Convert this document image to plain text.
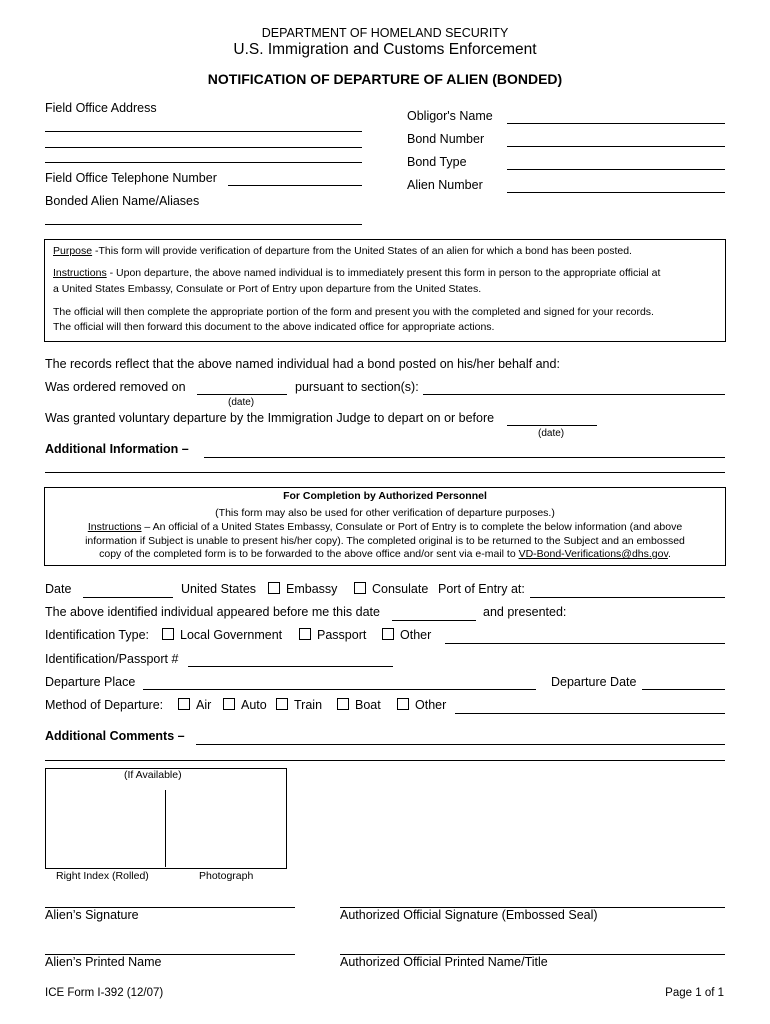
DEPARTMENT OF HOMELAND SECURITY
U.S. Immigration and Customs Enforcement
NOTIFICATION OF DEPARTURE OF ALIEN (BONDED)
Field Office Address
Field Office Telephone Number
Bonded Alien Name/Aliases
Obligor's Name
Bond Number
Bond Type
Alien Number
Purpose -This form will provide verification of departure from the United States of an alien for which a bond has been posted.
Instructions - Upon departure, the above named individual is to immediately present this form in person to the appropriate official at
a United States Embassy, Consulate or Port of Entry upon departure from the United States.
The official will then complete the appropriate portion of the form and present you with the completed and signed for your records.
The official will then forward this document to the above indicated office for appropriate actions.
The records reflect that the above named individual had a bond posted on his/her behalf and:
Was ordered removed on	pursuant to section(s):
(date)
Was granted voluntary departure by the Immigration Judge to depart on or before
(date)
Additional Information –
For Completion by Authorized Personnel
(This form may also be used for other verification of departure purposes.)
Instructions – An official of a United States Embassy, Consulate or Port of Entry is to complete the below information (and above
information if Subject is unable to present his/her copy). The completed original is to be returned to the Subject and an embossed
copy of the completed form is to be forwarded to the above office and/or sent via e-mail to VD-Bond-Verifications@dhs.gov.
Date	United States	Embassy	Consulate Port of Entry at:
The above identified individual appeared before me this date	and presented:
Identification Type:	Local Government	Passport	Other
Identification/Passport #
Departure Place	Departure Date
Method of Departure:	Air	Auto	Train	Boat	Other
Additional Comments –
(If Available)
Right Index (Rolled)	Photograph
Alien’s Signature	Authorized Official Signature (Embossed Seal)
Alien’s Printed Name	Authorized Official Printed Name/Title
ICE Form I-392 (12/07)	Page 1 of 1
